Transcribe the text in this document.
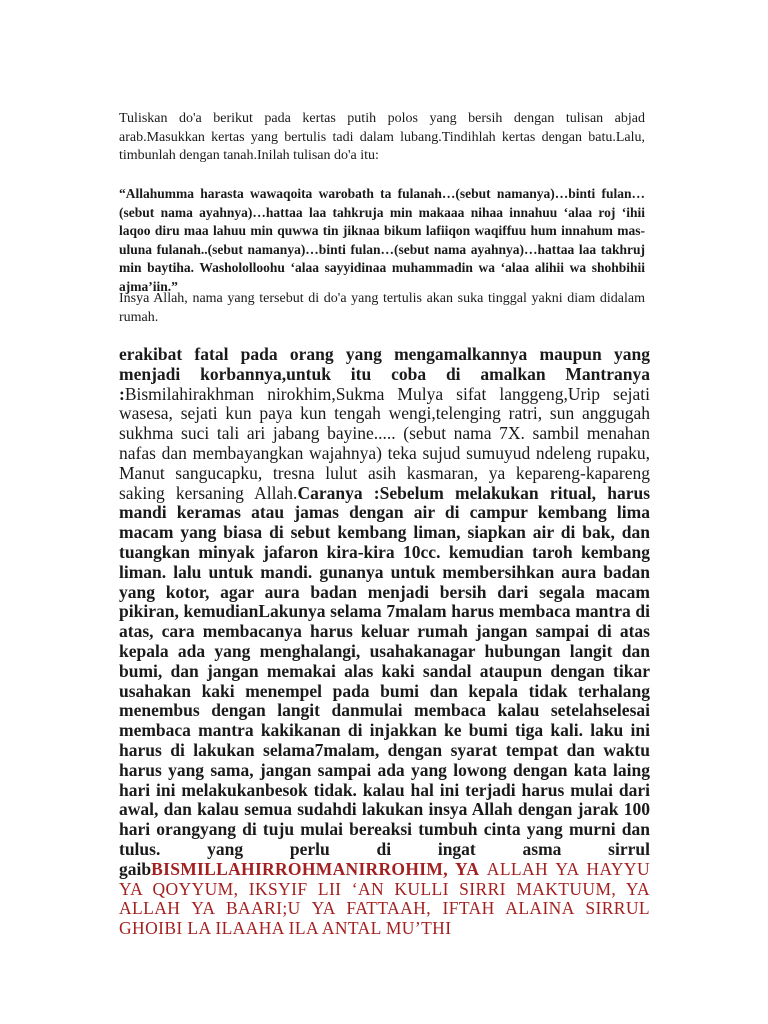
Tuliskan do'a berikut pada kertas putih polos yang bersih dengan tulisan abjad arab.Masukkan kertas yang bertulis tadi dalam lubang.Tindihlah kertas dengan batu.Lalu, timbunlah dengan tanah.Inilah tulisan do'a itu:

“Allahumma harasta wawaqoita warobath ta fulanah…(sebut namanya)…binti fulan…(sebut nama ayahnya)…hattaa laa tahkruja min makaaa nihaa innahuu ‘alaa roj ‘ihii laqoo diru maa lahuu min quwwa tin jiknaa bikum lafiiqon waqiffuu hum innahum mas-uluna fulanah..(sebut namanya)…binti fulan…(sebut nama ayahnya)…hattaa laa takhruj min baytiha. Washololloohu ‘alaa sayyidinaa muhammadin wa ‘alaa alihii wa shohbihii ajma’iin.”

Insya Allah, nama yang tersebut di do'a yang tertulis akan suka tinggal yakni diam didalam rumah.

erakibat fatal pada orang yang mengamalkannya maupun yang menjadi korbannya,untuk itu coba di amalkan Mantranya :Bismilahirakhman nirokhim,Sukma Mulya sifat langgeng,Urip sejati wasesa, sejati kun paya kun tengah wengi,telenging ratri, sun anggugah sukhma suci tali ari jabang bayine..... (sebut nama 7X. sambil menahan nafas dan membayangkan wajahnya) teka sujud sumuyud ndeleng rupaku, Manut sangucapku, tresna lulut asih kasmaran, ya kepareng-kapareng saking kersaning Allah.Caranya :Sebelum melakukan ritual, harus mandi keramas atau jamas dengan air di campur kembang lima macam yang biasa di sebut kembang liman, siapkan air di bak, dan tuangkan minyak jafaron kira-kira 10cc. kemudian taroh kembang liman. lalu untuk mandi. gunanya untuk membersihkan aura badan yang kotor, agar aura badan menjadi bersih dari segala macam pikiran, kemudianLakunya selama 7malam harus membaca mantra di atas, cara membacanya harus keluar rumah jangan sampai di atas kepala ada yang menghalangi, usahakanagar hubungan langit dan bumi, dan jangan memakai alas kaki sandal ataupun dengan tikar usahakan kaki menempel pada bumi dan kepala tidak terhalang menembus dengan langit danmulai membaca kalau setelahselesai membaca mantra kakikanan di injakkan ke bumi tiga kali. laku ini harus di lakukan selama7malam, dengan syarat tempat dan waktu harus yang sama, jangan sampai ada yang lowong dengan kata laing hari ini melakukanbesok tidak. kalau hal ini terjadi harus mulai dari awal, dan kalau semua sudahdi lakukan insya Allah dengan jarak 100 hari orangyang di tuju mulai bereaksi tumbuh cinta yang murni dan tulus. yang perlu di ingat asma sirrul gaibBISMILLAHIRROHMANIRROHIM, YA ALLAH YA HAYYU YA QOYYUM, IKSYIF LII ‘AN KULLI SIRRI MAKTUUM, YA ALLAH YA BAARI;U YA FATTAAH, IFTAH ALAINA SIRRUL GHOIBI LA ILAAHA ILA ANTAL MU’THI
